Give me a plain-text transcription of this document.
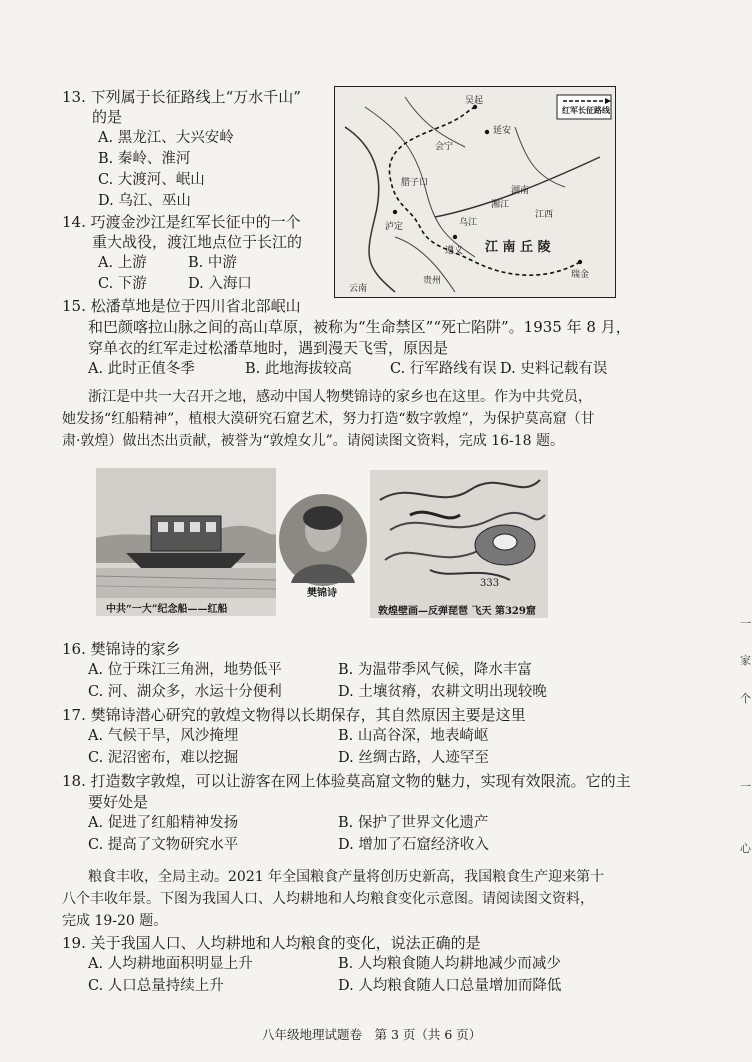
13. 下列属于长征路线上“万水千山”
的是
A. 黑龙江、大兴安岭
B. 秦岭、淮河
C. 大渡河、岷山
D. 乌江、巫山
红军长征路线
吴起
延安
会宁
腊子口
泸定
遵义
瑞金
江西
湖南
乌江
云南
贵州
湘江
江 南 丘 陵
14. 巧渡金沙江是红军长征中的一个
重大战役，渡江地点位于长江的
A. 上游	B. 中游
C. 下游	D. 入海口
15. 松潘草地是位于四川省北部岷山
和巴颜喀拉山脉之间的高山草原，被称为“生命禁区”“死亡陷阱”。1935 年 8 月，
穿单衣的红军走过松潘草地时，遇到漫天飞雪，原因是
A. 此时正值冬季	B. 此地海拔较高	C. 行军路线有误 D. 史料记载有误
浙江是中共一大召开之地，感动中国人物樊锦诗的家乡也在这里。作为中共党员，
她发扬“红船精神”，植根大漠研究石窟艺术，努力打造“数字敦煌”，为保护莫高窟（甘
肃·敦煌）做出杰出贡献，被誉为“敦煌女儿”。请阅读图文资料，完成 16-18 题。
中共“一大”纪念船——红船
樊锦诗
333
敦煌壁画—反弹琵琶 飞天 第329窟
16. 樊锦诗的家乡
A. 位于珠江三角洲，地势低平	B. 为温带季风气候，降水丰富
C. 河、湖众多，水运十分便利	D. 土壤贫瘠，农耕文明出现较晚
17. 樊锦诗潜心研究的敦煌文物得以长期保存，其自然原因主要是这里
A. 气候干旱，风沙掩埋	B. 山高谷深，地表崎岖
C. 泥沼密布，难以挖掘	D. 丝绸古路，人迹罕至
18. 打造数字敦煌，可以让游客在网上体验莫高窟文物的魅力，实现有效限流。它的主
要好处是
A. 促进了红船精神发扬	B. 保护了世界文化遗产
C. 提高了文物研究水平	D. 增加了石窟经济收入
粮食丰收，全局主动。2021 年全国粮食产量将创历史新高，我国粮食生产迎来第十
八个丰收年景。下图为我国人口、人均耕地和人均粮食变化示意图。请阅读图文资料，
完成 19-20 题。
19. 关于我国人口、人均耕地和人均粮食的变化，说法正确的是
A. 人均耕地面积明显上升	B. 人均粮食随人均耕地减少而减少
C. 人口总量持续上升	D. 人均粮食随人口总量增加而降低
八年级地理试题卷　第 3 页（共 6 页）
一
家
个
一
心
